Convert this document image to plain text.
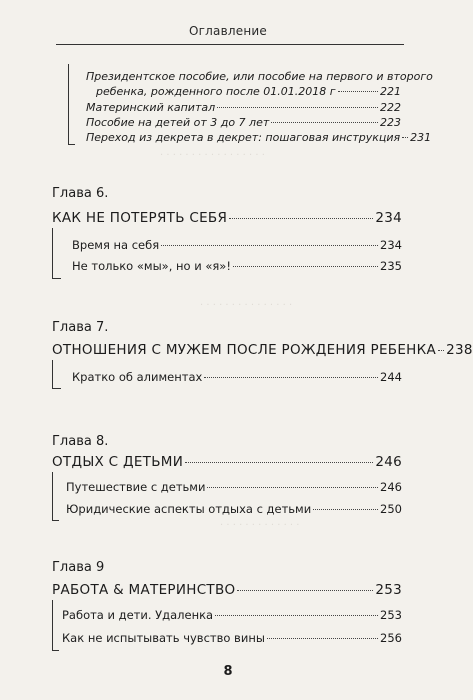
· · · · · · · · · · · · · · · · ·
· · · · · · · · · · · · · · ·
· · · · · · · · · · · · ·
Оглавление
Президентское пособие, или пособие на первого и второго
ребенка, рожденного после 01.01.2018 г	221
Материнский капитал	222
Пособие на детей от 3 до 7 лет	223
Переход из декрета в декрет: пошаговая инструкция 231
Глава 6.
КАК НЕ ПОТЕРЯТЬ СЕБЯ	234
Время на себя	234
Не только «мы», но и «я»!	235
Глава 7.
ОТНОШЕНИЯ С МУЖЕМ ПОСЛЕ РОЖДЕНИЯ РЕБЕНКА 238
Кратко об алиментах	244
Глава 8.
ОТДЫХ С ДЕТЬМИ	246
Путешествие с детьми	246
Юридические аспекты отдыха с детьми	250
Глава 9
РАБОТА & МАТЕРИНСТВО	253
Работа и дети. Удаленка	253
Как не испытывать чувство вины	256
8
